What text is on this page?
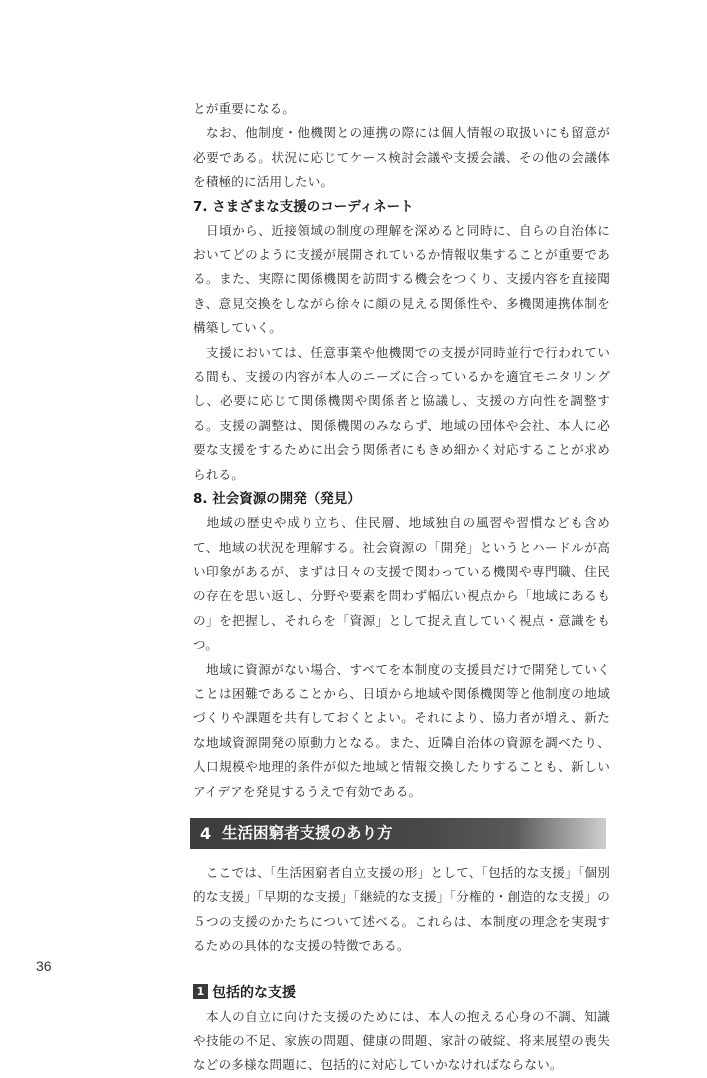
とが重要になる。

　なお、他制度・他機関との連携の際には個人情報の取扱いにも留意が必要である。状況に応じてケース検討会議や支援会議、その他の会議体を積極的に活用したい。

7. さまざまな支援のコーディネート

　日頃から、近接領域の制度の理解を深めると同時に、自らの自治体においてどのように支援が展開されているか情報収集することが重要である。また、実際に関係機関を訪問する機会をつくり、支援内容を直接聞き、意見交換をしながら徐々に顔の見える関係性や、多機関連携体制を構築していく。

　支援においては、任意事業や他機関での支援が同時並行で行われている間も、支援の内容が本人のニーズに合っているかを適宜モニタリングし、必要に応じて関係機関や関係者と協議し、支援の方向性を調整する。支援の調整は、関係機関のみならず、地域の団体や会社、本人に必要な支援をするために出会う関係者にもきめ細かく対応することが求められる。

8. 社会資源の開発（発見）

　地域の歴史や成り立ち、住民層、地域独自の風習や習慣なども含めて、地域の状況を理解する。社会資源の「開発」というとハードルが高い印象があるが、まずは日々の支援で関わっている機関や専門職、住民の存在を思い返し、分野や要素を問わず幅広い視点から「地域にあるもの」を把握し、それらを「資源」として捉え直していく視点・意識をもつ。

　地域に資源がない場合、すべてを本制度の支援員だけで開発していくことは困難であることから、日頃から地域や関係機関等と他制度の地域づくりや課題を共有しておくとよい。それにより、協力者が増え、新たな地域資源開発の原動力となる。また、近隣自治体の資源を調べたり、人口規模や地理的条件が似た地域と情報交換したりすることも、新しいアイデアを発見するうえで有効である。

4 生活困窮者支援のあり方

　ここでは、「生活困窮者自立支援の形」として、「包括的な支援」「個別的な支援」「早期的な支援」「継続的な支援」「分権的・創造的な支援」の５つの支援のかたちについて述べる。これらは、本制度の理念を実現するための具体的な支援の特徴である。

1 包括的な支援

　本人の自立に向けた支援のためには、本人の抱える心身の不調、知識や技能の不足、家族の問題、健康の問題、家計の破綻、将来展望の喪失などの多様な問題に、包括的に対応していかなければならない。

36
